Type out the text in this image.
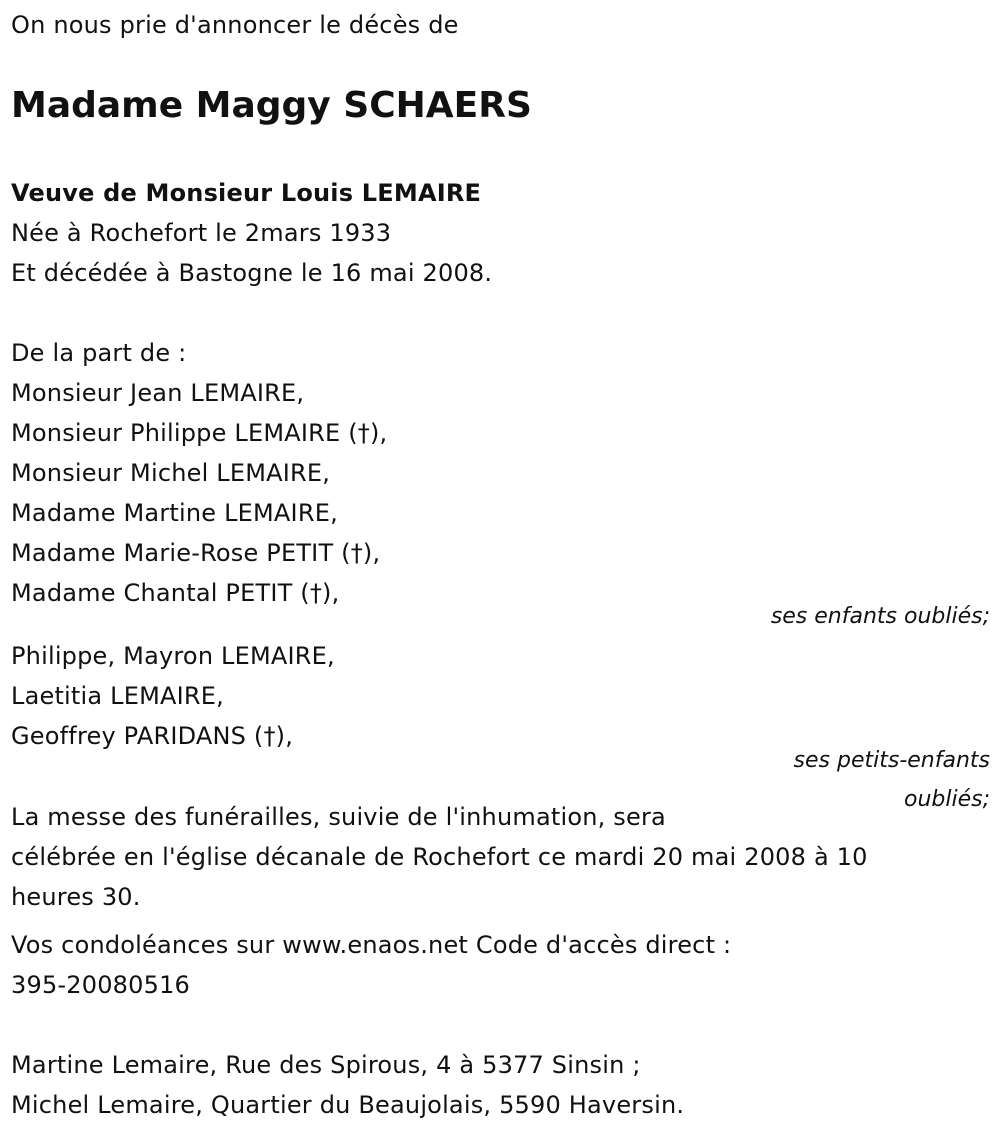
On nous prie d'annoncer le décès de
Madame Maggy SCHAERS
Veuve de Monsieur Louis LEMAIRE
Née à Rochefort le 2mars 1933
Et décédée à Bastogne le 16 mai 2008.
De la part de :
Monsieur Jean LEMAIRE,
Monsieur Philippe LEMAIRE (†),
Monsieur Michel LEMAIRE,
Madame Martine LEMAIRE,
Madame Marie-Rose PETIT (†),
Madame Chantal PETIT (†),
ses enfants oubliés;
Philippe, Mayron LEMAIRE,
Laetitia LEMAIRE,
Geoffrey PARIDANS (†),
ses petits-enfants
oubliés;
La messe des funérailles, suivie de l'inhumation, sera
célébrée en l'église décanale de Rochefort ce mardi 20 mai 2008 à 10
heures 30.
Vos condoléances sur www.enaos.net Code d'accès direct :
395-20080516
Martine Lemaire, Rue des Spirous, 4 à 5377 Sinsin ;
Michel Lemaire, Quartier du Beaujolais, 5590 Haversin.
